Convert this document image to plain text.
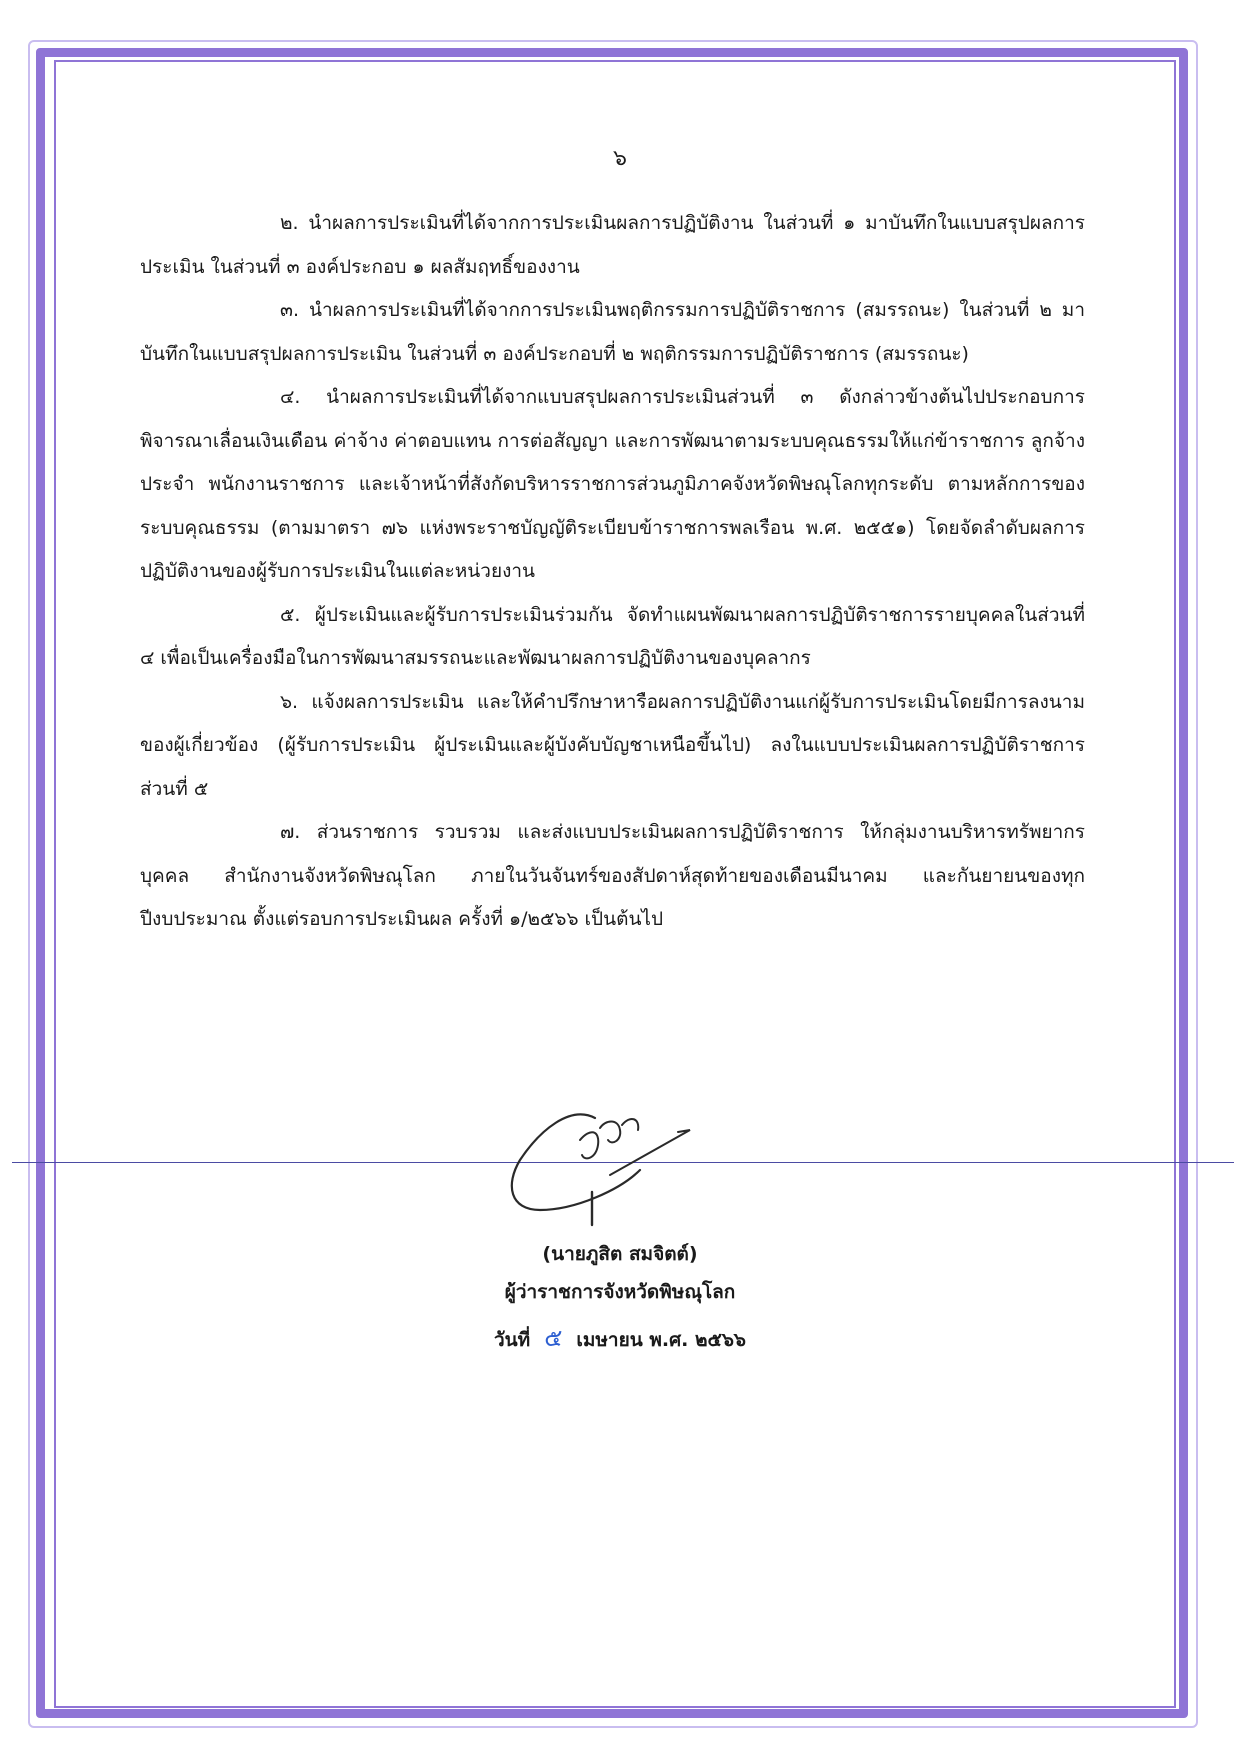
๖

๒. นำผลการประเมินที่ได้จากการประเมินผลการปฏิบัติงาน ในส่วนที่ ๑ มาบันทึกในแบบสรุปผลการประเมิน ในส่วนที่ ๓ องค์ประกอบ ๑ ผลสัมฤทธิ์ของงาน

๓. นำผลการประเมินที่ได้จากการประเมินพฤติกรรมการปฏิบัติราชการ (สมรรถนะ) ในส่วนที่ ๒ มาบันทึกในแบบสรุปผลการประเมิน ในส่วนที่ ๓ องค์ประกอบที่ ๒ พฤติกรรมการปฏิบัติราชการ (สมรรถนะ)

๔. นำผลการประเมินที่ได้จากแบบสรุปผลการประเมินส่วนที่ ๓ ดังกล่าวข้างต้นไปประกอบการพิจารณาเลื่อนเงินเดือน ค่าจ้าง ค่าตอบแทน การต่อสัญญา และการพัฒนาตามระบบคุณธรรมให้แก่ข้าราชการ ลูกจ้างประจำ พนักงานราชการ และเจ้าหน้าที่สังกัดบริหารราชการส่วนภูมิภาคจังหวัดพิษณุโลกทุกระดับ ตามหลักการของระบบคุณธรรม (ตามมาตรา ๗๖ แห่งพระราชบัญญัติระเบียบข้าราชการพลเรือน พ.ศ. ๒๕๕๑) โดยจัดลำดับผลการปฏิบัติงานของผู้รับการประเมินในแต่ละหน่วยงาน

๕. ผู้ประเมินและผู้รับการประเมินร่วมกัน จัดทำแผนพัฒนาผลการปฏิบัติราชการรายบุคคลในส่วนที่ ๔ เพื่อเป็นเครื่องมือในการพัฒนาสมรรถนะและพัฒนาผลการปฏิบัติงานของบุคลากร

๖. แจ้งผลการประเมิน และให้คำปรึกษาหารือผลการปฏิบัติงานแก่ผู้รับการประเมินโดยมีการลงนามของผู้เกี่ยวข้อง (ผู้รับการประเมิน ผู้ประเมินและผู้บังคับบัญชาเหนือขึ้นไป) ลงในแบบประเมินผลการปฏิบัติราชการ ส่วนที่ ๕

๗. ส่วนราชการ รวบรวม และส่งแบบประเมินผลการปฏิบัติราชการ ให้กลุ่มงานบริหารทรัพยากรบุคคล สำนักงานจังหวัดพิษณุโลก ภายในวันจันทร์ของสัปดาห์สุดท้ายของเดือนมีนาคม และกันยายนของทุกปีงบประมาณ ตั้งแต่รอบการประเมินผล ครั้งที่ ๑/๒๕๖๖ เป็นต้นไป

(นายภูสิต สมจิตต์)
ผู้ว่าราชการจังหวัดพิษณุโลก
วันที่ ๕ เมษายน พ.ศ. ๒๕๖๖
